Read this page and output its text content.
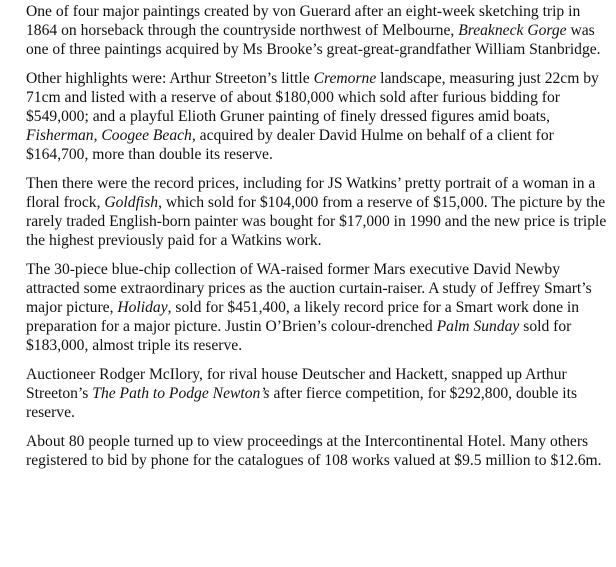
One of four major paintings created by von Guerard after an eight-week sketching trip in 1864 on horseback through the countryside northwest of Melbourne, Breakneck Gorge was one of three paintings acquired by Ms Brooke’s great-great-grandfather William Stanbridge.

Other highlights were: Arthur Streeton’s little Cremorne landscape, measuring just 22cm by 71cm and listed with a reserve of about $180,000 which sold after furious bidding for $549,000; and a playful Elioth Gruner painting of finely dressed figures amid boats, Fisherman, Coogee Beach, acquired by dealer David Hulme on behalf of a client for $164,700, more than double its reserve.

Then there were the record prices, including for JS Watkins’ pretty portrait of a woman in a floral frock, Goldfish, which sold for $104,000 from a reserve of $15,000. The picture by the rarely traded English-born painter was bought for $17,000 in 1990 and the new price is triple the highest previously paid for a Watkins work.

The 30-piece blue-chip collection of WA-raised former Mars executive David Newby attracted some extraordinary prices as the auction curtain-raiser. A study of Jeffrey Smart’s major picture, Holiday, sold for $451,400, a likely record price for a Smart work done in preparation for a major picture. Justin O’Brien’s colour-drenched Palm Sunday sold for $183,000, almost triple its reserve.

Auctioneer Rodger McIlory, for rival house Deutscher and Hackett, snapped up Arthur Streeton’s The Path to Podge Newton’s after fierce competition, for $292,800, double its reserve.

About 80 people turned up to view proceedings at the Intercontinental Hotel. Many others registered to bid by phone for the catalogues of 108 works valued at $9.5 million to $12.6m.
